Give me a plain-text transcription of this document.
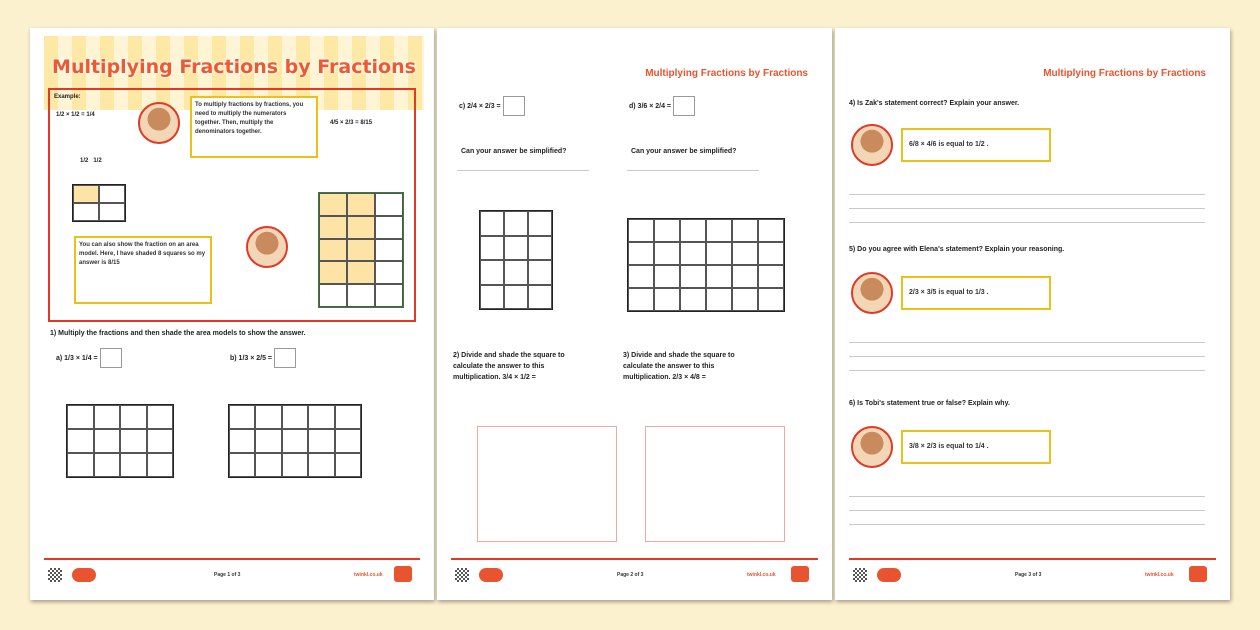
Multiplying Fractions by Fractions
Example:
1/2 × 1/2 = 1/4
4/5 × 2/3 = 8/15
To multiply fractions by fractions, you need to multiply the numerators together. Then, multiply the denominators together.
1/2   1/2
You can also show the fraction on an area model. Here, I have shaded 8 squares so my answer is 8/15
1) Multiply the fractions and then shade the area models to show the answer.
a) 1/3 × 1/4 =	b) 1/3 × 2/5 =
Page 1 of 3	twinkl.co.uk
Multiplying Fractions by Fractions
c) 2/4 × 2/3 =	d) 3/6 × 2/4 =
Can your answer be simplified?	Can your answer be simplified?
2) Divide and shade the square to calculate the answer to this multiplication. 3/4 × 1/2 =
3) Divide and shade the square to calculate the answer to this multiplication. 2/3 × 4/8 =
Page 2 of 3	twinkl.co.uk
Multiplying Fractions by Fractions
4) Is Zak's statement correct? Explain your answer.
6/8 × 4/6 is equal to 1/2 .
5) Do you agree with Elena's statement? Explain your reasoning.
2/3 × 3/5 is equal to 1/3 .
6) Is Tobi's statement true or false? Explain why.
3/8 × 2/3 is equal to 1/4 .
Page 3 of 3	twinkl.co.uk
